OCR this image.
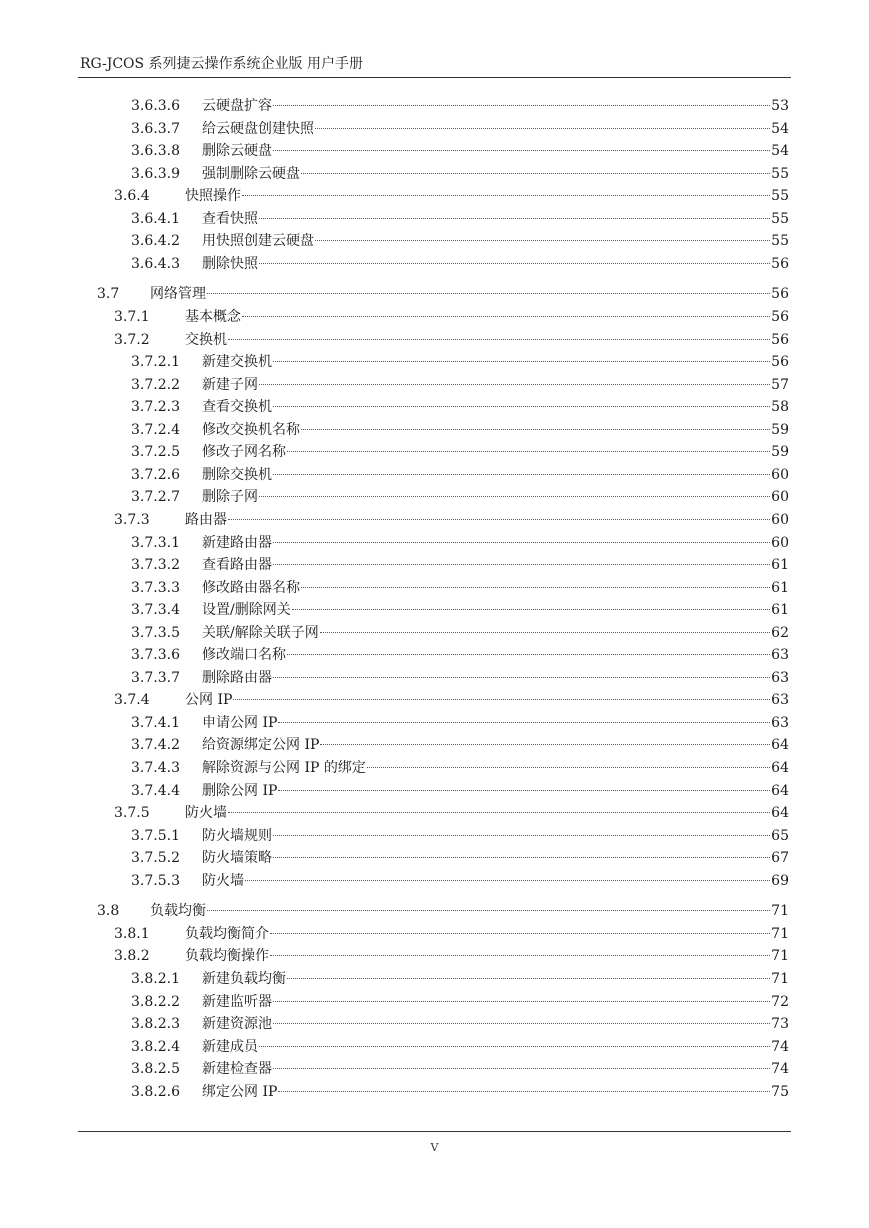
RG-JCOS 系列捷云操作系统企业版 用户手册
3.6.3.6	云硬盘扩容	53
3.6.3.7	给云硬盘创建快照	54
3.6.3.8	删除云硬盘	54
3.6.3.9	强制删除云硬盘	55
3.6.4	快照操作	55
3.6.4.1	查看快照	55
3.6.4.2	用快照创建云硬盘	55
3.6.4.3	删除快照	56
3.7	网络管理	56
3.7.1	基本概念	56
3.7.2	交换机	56
3.7.2.1	新建交换机	56
3.7.2.2	新建子网	57
3.7.2.3	查看交换机	58
3.7.2.4	修改交换机名称	59
3.7.2.5	修改子网名称	59
3.7.2.6	删除交换机	60
3.7.2.7	删除子网	60
3.7.3	路由器	60
3.7.3.1	新建路由器	60
3.7.3.2	查看路由器	61
3.7.3.3	修改路由器名称	61
3.7.3.4	设置/删除网关	61
3.7.3.5	关联/解除关联子网	62
3.7.3.6	修改端口名称	63
3.7.3.7	删除路由器	63
3.7.4	公网 IP	63
3.7.4.1	申请公网 IP	63
3.7.4.2	给资源绑定公网 IP	64
3.7.4.3	解除资源与公网 IP 的绑定	64
3.7.4.4	删除公网 IP	64
3.7.5	防火墙	64
3.7.5.1	防火墙规则	65
3.7.5.2	防火墙策略	67
3.7.5.3	防火墙	69
3.8	负载均衡	71
3.8.1	负载均衡简介	71
3.8.2	负载均衡操作	71
3.8.2.1	新建负载均衡	71
3.8.2.2	新建监听器	72
3.8.2.3	新建资源池	73
3.8.2.4	新建成员	74
3.8.2.5	新建检查器	74
3.8.2.6	绑定公网 IP	75
V
